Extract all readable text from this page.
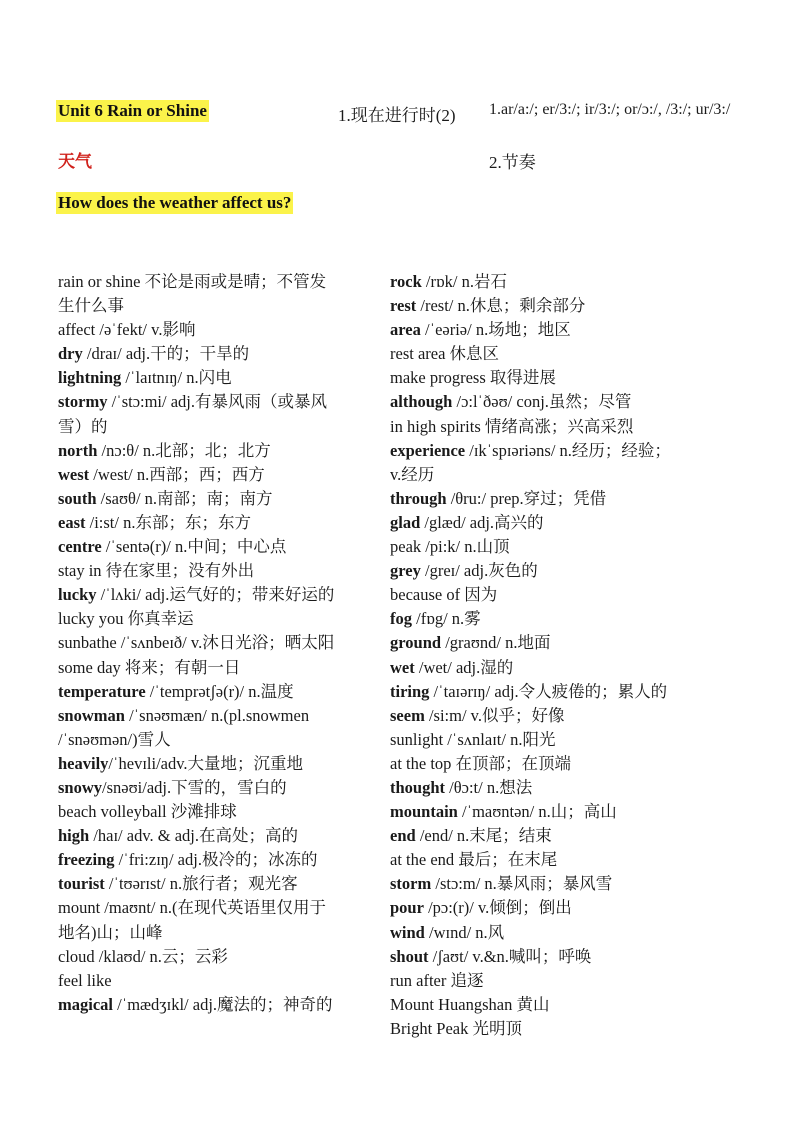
Unit 6 Rain or Shine	1.现在进行时(2) 1.ar/a:/; er/3:/; ir/3:/; or/ɔ:/, /3:/; ur/3:/
天气	2.节奏
How does the weather affect us?
rain or shine 不论是雨或是晴；不管发
生什么事
affect /əˈfekt/ v.影响
dry /draɪ/ adj.干的；干旱的
lightning /ˈlaɪtnɪŋ/ n.闪电
stormy /ˈstɔ:mi/ adj.有暴风雨（或暴风
雪）的
north /nɔ:θ/ n.北部；北；北方
west /west/ n.西部；西；西方
south /saʊθ/ n.南部；南；南方
east /i:st/ n.东部；东；东方
centre /ˈsentə(r)/ n.中间；中心点
stay in 待在家里；没有外出
lucky /ˈlʌki/ adj.运气好的；带来好运的
lucky you 你真幸运
sunbathe /ˈsʌnbeɪð/ v.沐日光浴；晒太阳
some day 将来；有朝一日
temperature /ˈtemprətʃə(r)/ n.温度
snowman /ˈsnəʊmæn/ n.(pl.snowmen
/ˈsnəʊmən/)雪人
heavily/ˈhevɪli/adv.大量地；沉重地
snowy/snəʊi/adj.下雪的，雪白的
beach volleyball 沙滩排球
high /haɪ/ adv. & adj.在高处；高的
freezing /ˈfri:zɪŋ/ adj.极冷的；冰冻的
tourist /ˈtʊərɪst/ n.旅行者；观光客
mount /maʊnt/ n.(在现代英语里仅用于
地名)山；山峰
cloud /klaʊd/ n.云；云彩
feel like
magical /ˈmædʒɪkl/ adj.魔法的；神奇的
rock /rɒk/ n.岩石
rest /rest/ n.休息；剩余部分
area /ˈeəriə/ n.场地；地区
rest area 休息区
make progress 取得进展
although /ɔ:lˈðəʊ/ conj.虽然；尽管
in high spirits 情绪高涨；兴高采烈
experience /ɪkˈspɪəriəns/ n.经历；经验；
v.经历
through /θru:/ prep.穿过；凭借
glad /glæd/ adj.高兴的
peak /pi:k/ n.山顶
grey /greɪ/ adj.灰色的
because of 因为
fog /fɒg/ n.雾
ground /graʊnd/ n.地面
wet /wet/ adj.湿的
tiring /ˈtaɪərɪŋ/ adj.令人疲倦的；累人的
seem /si:m/ v.似乎；好像
sunlight /ˈsʌnlaɪt/ n.阳光
at the top 在顶部；在顶端
thought /θɔ:t/ n.想法
mountain /ˈmaʊntən/ n.山；高山
end /end/ n.末尾；结束
at the end 最后；在末尾
storm /stɔ:m/ n.暴风雨；暴风雪
pour /pɔ:(r)/ v.倾倒；倒出
wind /wɪnd/ n.风
shout /ʃaʊt/ v.&n.喊叫；呼唤
run after 追逐
Mount Huangshan 黄山
Bright Peak 光明顶
